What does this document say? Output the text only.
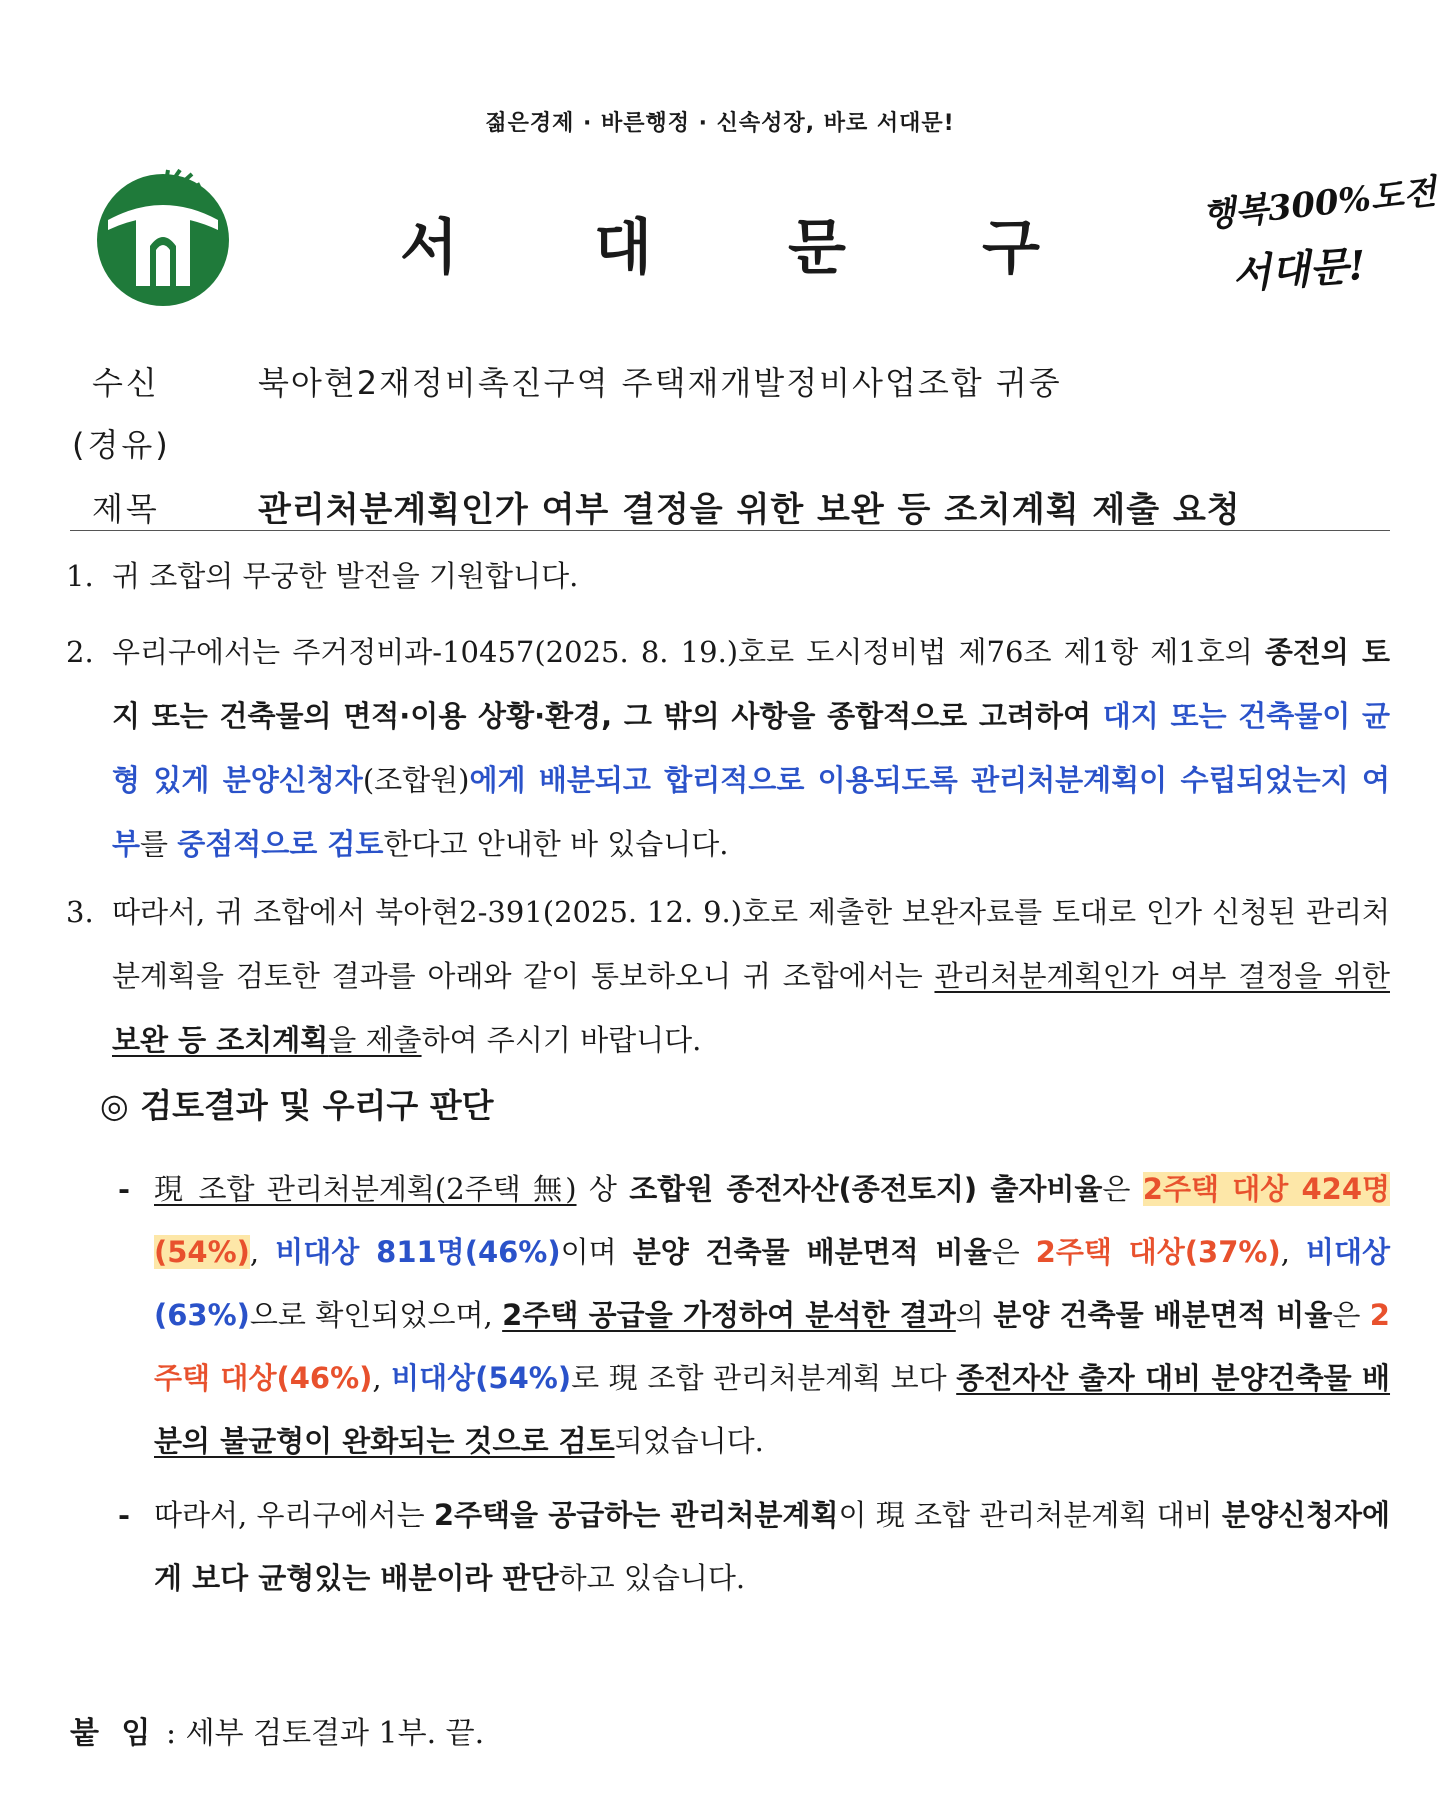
젊은경제 · 바른행정 · 신속성장, 바로 서대문!
서 대 문 구
행복300%도전
서대문!
수신	북아현2재정비촉진구역 주택재개발정비사업조합 귀중
(경유)
제목	관리처분계획인가 여부 결정을 위한 보완 등 조치계획 제출 요청
1. 귀 조합의 무궁한 발전을 기원합니다.
2. 우리구에서는 주거정비과-10457(2025. 8. 19.)호로 도시정비법 제76조 제1항 제1호의 종전의 토지 또는 건축물의 면적·이용 상황·환경, 그 밖의 사항을 종합적으로 고려하여 대지 또는 건축물이 균형 있게 분양신청자(조합원)에게 배분되고 합리적으로 이용되도록 관리처분계획이 수립되었는지 여부를 중점적으로 검토한다고 안내한 바 있습니다.
3. 따라서, 귀 조합에서 북아현2-391(2025. 12. 9.)호로 제출한 보완자료를 토대로 인가 신청된 관리처분계획을 검토한 결과를 아래와 같이 통보하오니 귀 조합에서는 관리처분계획인가 여부 결정을 위한 보완 등 조치계획을 제출하여 주시기 바랍니다.
◎ 검토결과 및 우리구 판단
- 現 조합 관리처분계획(2주택 無) 상 조합원 종전자산(종전토지) 출자비율은 2주택 대상 424명(54%), 비대상 811명(46%)이며 분양 건축물 배분면적 비율은 2주택 대상(37%), 비대상(63%)으로 확인되었으며, 2주택 공급을 가정하여 분석한 결과의 분양 건축물 배분면적 비율은 2주택 대상(46%), 비대상(54%)로 現 조합 관리처분계획 보다 종전자산 출자 대비 분양건축물 배분의 불균형이 완화되는 것으로 검토되었습니다.
- 따라서, 우리구에서는 2주택을 공급하는 관리처분계획이 現 조합 관리처분계획 대비 분양신청자에게 보다 균형있는 배분이라 판단하고 있습니다.
붙 임 : 세부 검토결과 1부. 끝.
